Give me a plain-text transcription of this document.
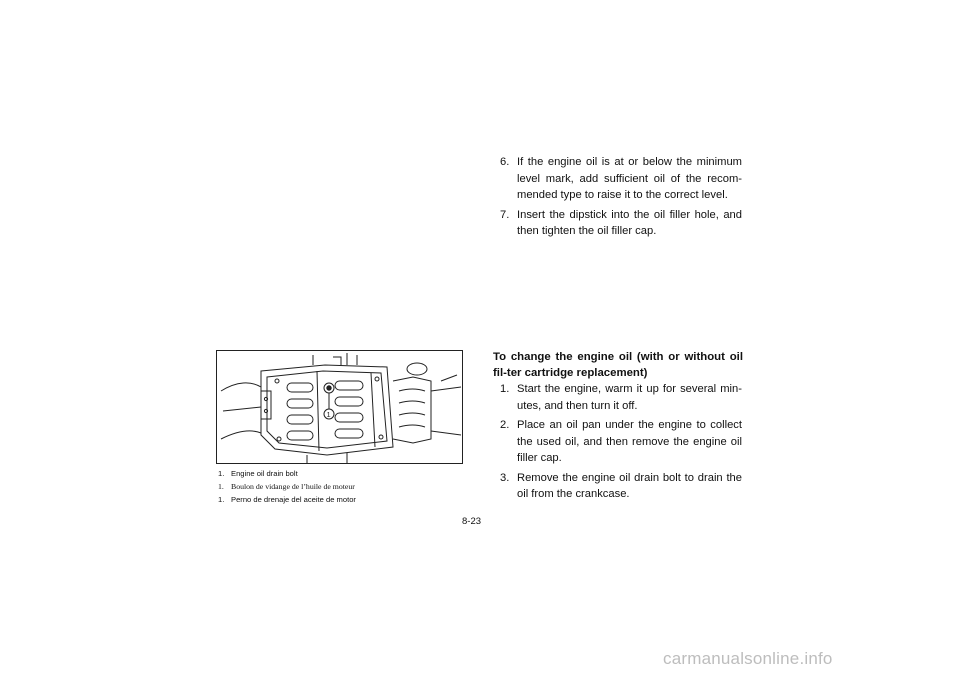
6. If the engine oil is at or below the minimum level mark, add sufficient oil of the recom-mended type to raise it to the correct level.
7. Insert the dipstick into the oil filler hole, and then tighten the oil filler cap.
1
1. Engine oil drain bolt
1. Boulon de vidange de l’huile de moteur
1. Perno de drenaje del aceite de motor
To change the engine oil (with or without oil fil-ter cartridge replacement)
1. Start the engine, warm it up for several min-utes, and then turn it off.
2. Place an oil pan under the engine to collect the used oil, and then remove the engine oil filler cap.
3. Remove the engine oil drain bolt to drain the oil from the crankcase.
8-23
carmanualsonline.info
